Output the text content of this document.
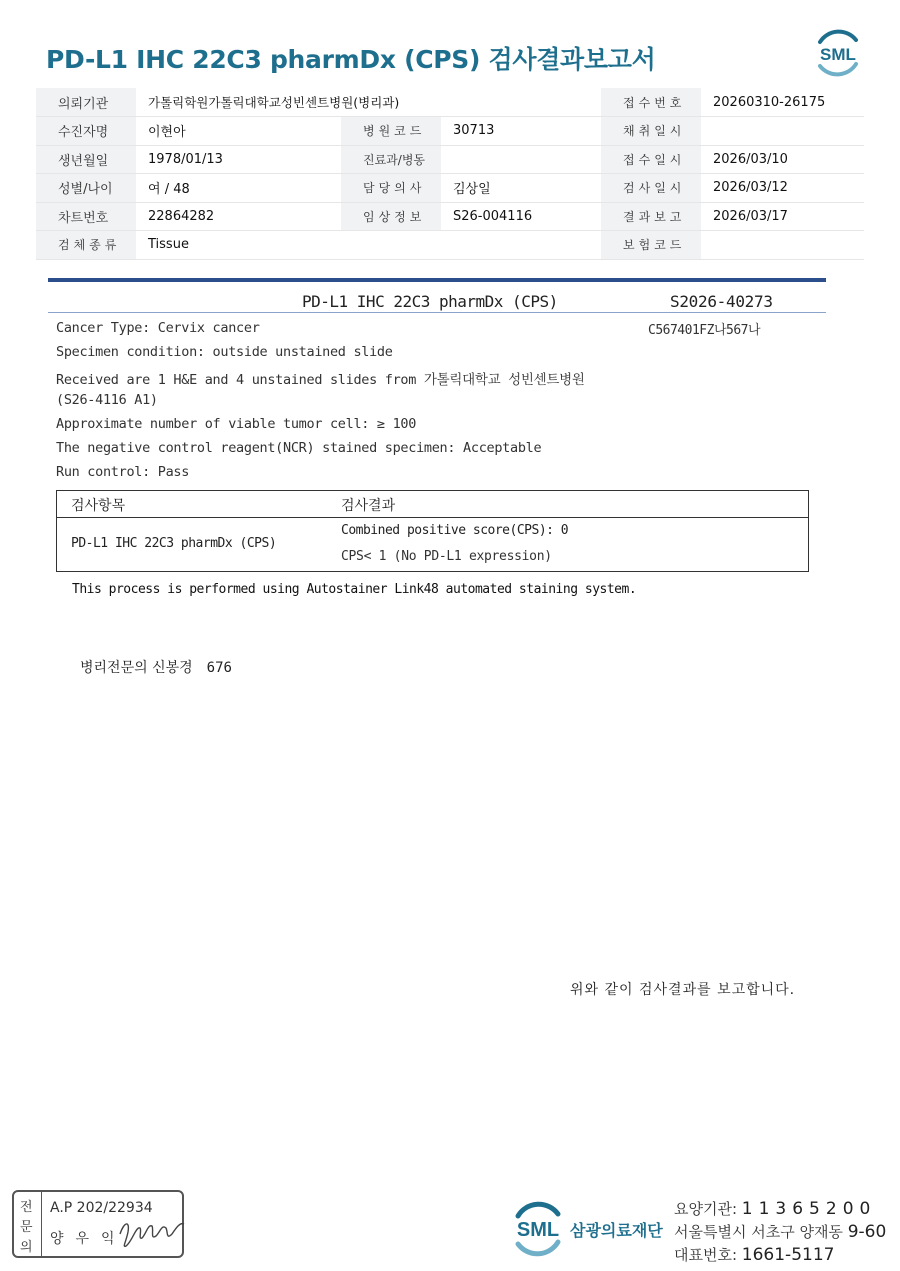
PD-L1 IHC 22C3 pharmDx (CPS) 검사결과보고서	SML
의뢰기관	가톨릭학원가톨릭대학교성빈센트병원(병리과)			접수번호	20260310-26175
수진자명	이현아	병원코드	30713	채취일시	
생년월일	1978/01/13	진료과/병동		접수일시	2026/03/10
성별/나이	여 / 48	담당의사	김상일	검사일시	2026/03/12
차트번호	22864282	임상정보	S26-004116	결과보고	2026/03/17
검체종류	Tissue			보험코드	
PD-L1 IHC 22C3 pharmDx (CPS)	S2026-40273
C567401FZ나567나
Cancer Type: Cervix cancer
Specimen condition: outside unstained slide
Received are 1 H&E and 4 unstained slides from 가톨릭대학교 성빈센트병원
(S26-4116 A1)
Approximate number of viable tumor cell: ≥ 100
The negative control reagent(NCR) stained specimen: Acceptable
Run control: Pass
검사항목	검사결과
PD-L1 IHC 22C3 pharmDx (CPS)
Combined positive score(CPS): 0
CPS< 1 (No PD-L1 expression)
This process is performed using Autostainer Link48 automated staining system.
병리전문의 신봉경 676
위와 같이 검사결과를 보고합니다.
전
문
의
A.P 202/22934
양우익	SML 삼광의료재단
요양기관: 11365200
서울특별시 서초구 양재동 9-60
대표번호: 1661-5117
